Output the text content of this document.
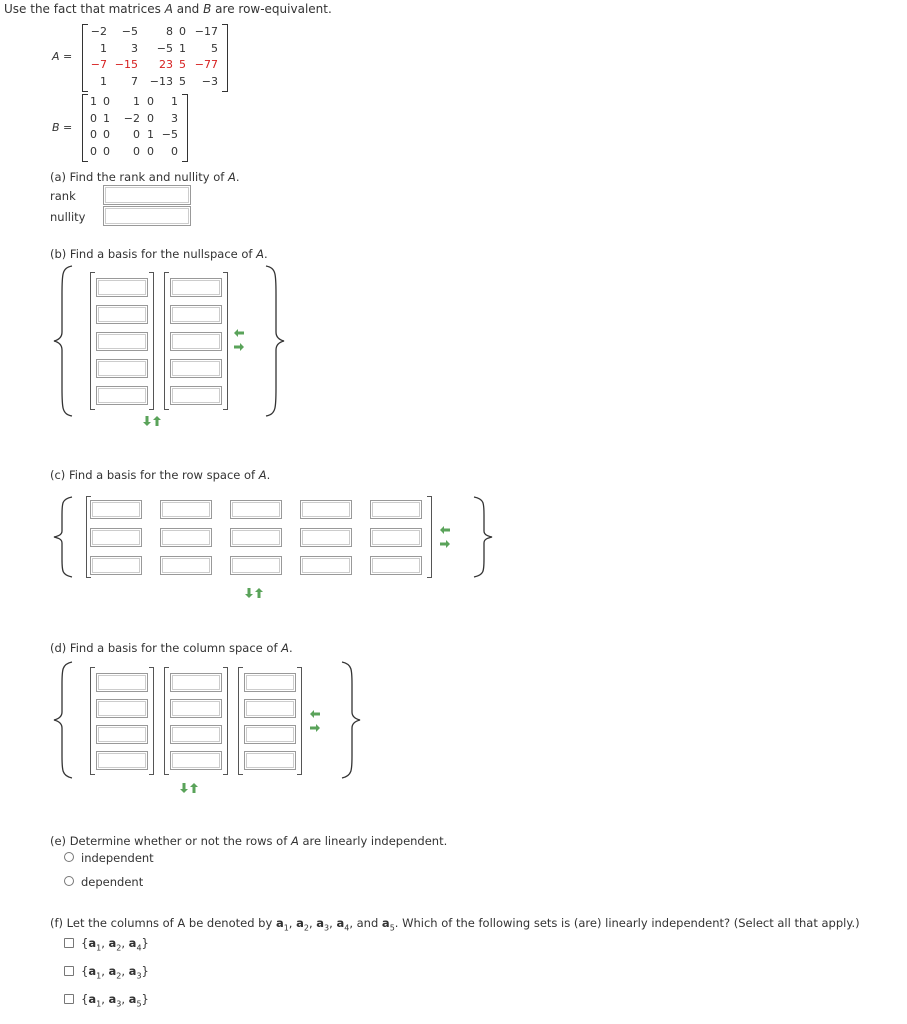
Use the fact that matrices A and B are row-equivalent.
A =
−2 −5	8 0 −17
1 3 −5 1 5
−7 −15 23 5 −77
1 7 −13 5 −3
B =
1 0 1 0 1
0 1 −2 0 3
0 0 0 1 −5
0 0 0 0 0
(a) Find the rank and nullity of A.
rank
nullity
(b) Find a basis for the nullspace of A.
(c) Find a basis for the row space of A.
(d) Find a basis for the column space of A.
(e) Determine whether or not the rows of A are linearly independent.
independent
dependent
(f) Let the columns of A be denoted by $a_1$, $a_2$, $a_3$, $a_4$, and $a_5$. Which of the following sets is (are) linearly independent? (Select all that apply.)
{$a_1$, $a_2$, $a_4$}
{$a_1$, $a_2$, $a_3$}
{$a_1$, $a_3$, $a_5$}
